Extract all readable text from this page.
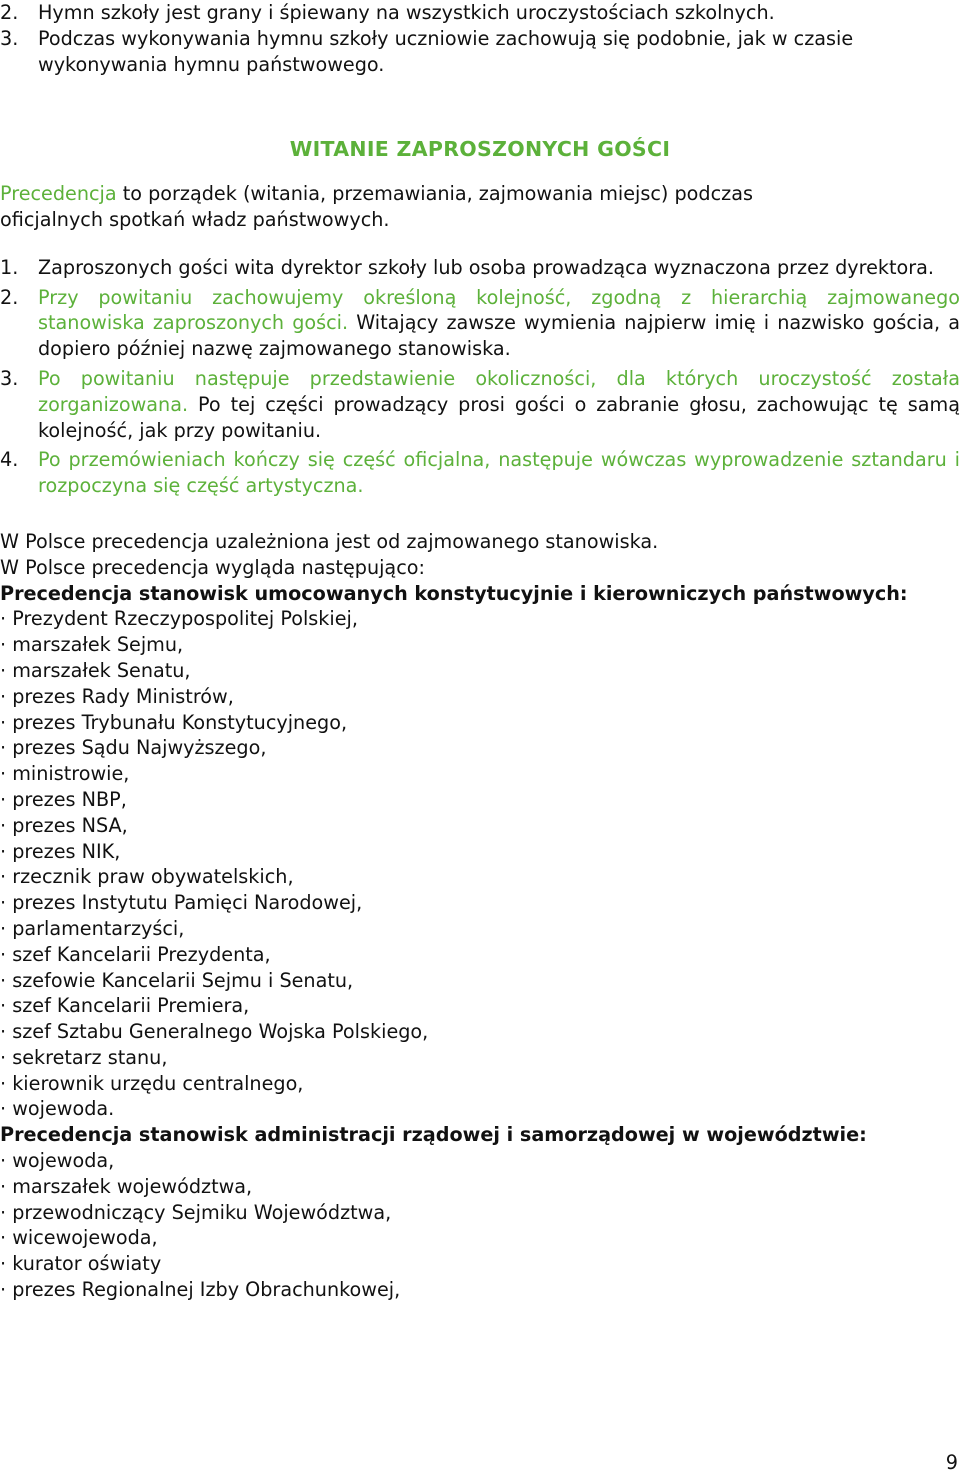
2. Hymn szkoły jest grany i śpiewany na wszystkich uroczystościach szkolnych.
3. Podczas wykonywania hymnu szkoły uczniowie zachowują się podobnie, jak w czasie
wykonywania hymnu państwowego.
WITANIE ZAPROSZONYCH GOŚCI
Precedencja to porządek (witania, przemawiania, zajmowania miejsc) podczas
oficjalnych spotkań władz państwowych.
1. Zaproszonych gości wita dyrektor szkoły lub osoba prowadząca wyznaczona przez dyrektora.
2. Przy powitaniu zachowujemy określoną kolejność, zgodną z hierarchią zajmowanego stanowiska zaproszonych gości. Witający zawsze wymienia najpierw imię i nazwisko gościa, a dopiero później nazwę zajmowanego stanowiska.
3. Po powitaniu następuje przedstawienie okoliczności, dla których uroczystość została zorganizowana. Po tej części prowadzący prosi gości o zabranie głosu, zachowując tę samą kolejność, jak przy powitaniu.
4. Po przemówieniach kończy się część oficjalna, następuje wówczas wyprowadzenie sztandaru i rozpoczyna się część artystyczna.
W Polsce precedencja uzależniona jest od zajmowanego stanowiska.
W Polsce precedencja wygląda następująco:
Precedencja stanowisk umocowanych konstytucyjnie i kierowniczych państwowych:
· Prezydent Rzeczypospolitej Polskiej,
· marszałek Sejmu,
· marszałek Senatu,
· prezes Rady Ministrów,
· prezes Trybunału Konstytucyjnego,
· prezes Sądu Najwyższego,
· ministrowie,
· prezes NBP,
· prezes NSA,
· prezes NIK,
· rzecznik praw obywatelskich,
· prezes Instytutu Pamięci Narodowej,
· parlamentarzyści,
· szef Kancelarii Prezydenta,
· szefowie Kancelarii Sejmu i Senatu,
· szef Kancelarii Premiera,
· szef Sztabu Generalnego Wojska Polskiego,
· sekretarz stanu,
· kierownik urzędu centralnego,
· wojewoda.
Precedencja stanowisk administracji rządowej i samorządowej w województwie:
· wojewoda,
· marszałek województwa,
· przewodniczący Sejmiku Województwa,
· wicewojewoda,
· kurator oświaty
· prezes Regionalnej Izby Obrachunkowej,
9
